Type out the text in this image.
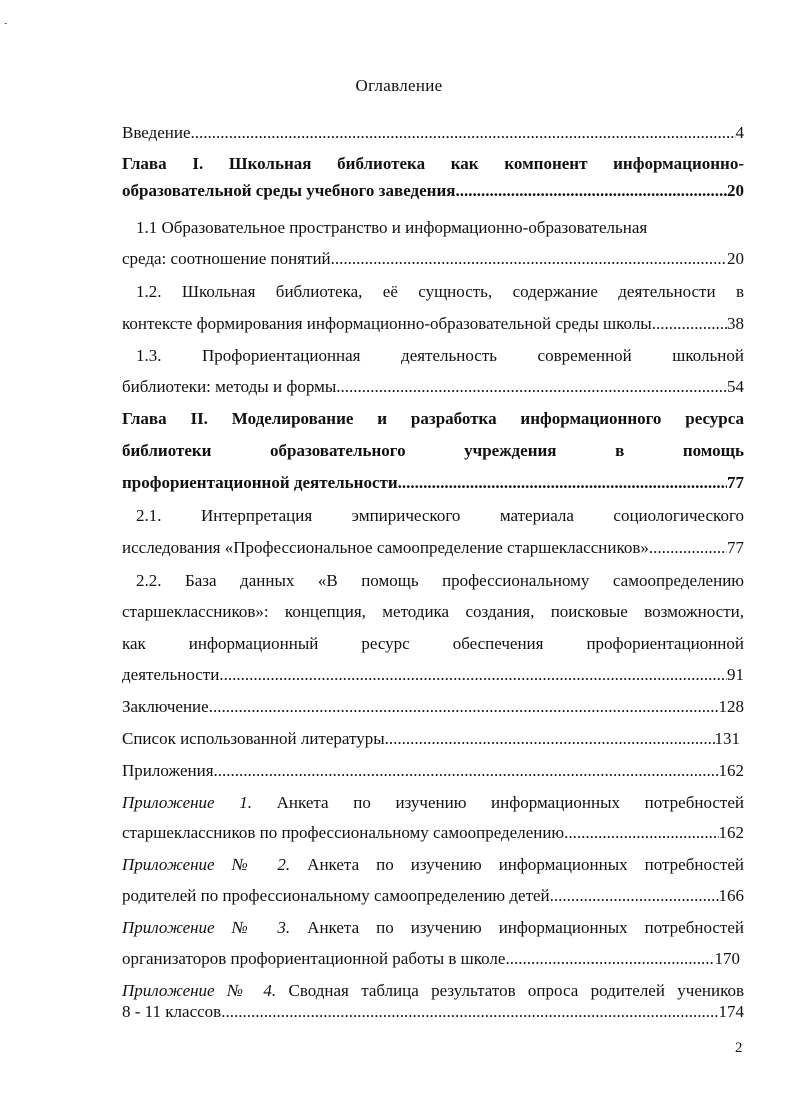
-
Оглавление
Введение .....	4
Глава I. Школьная библиотека как компонент информационно-
образовательной среды учебного заведения .....	20
1.1 Образовательное пространство и информационно-образовательная
среда: соотношение понятий .....	20
1.2. Школьная библиотека, её сущность, содержание деятельности в
контексте формирования информационно-образовательной среды школы .....	38
1.3. Профориентационная деятельность современной школьной
библиотеки: методы и формы .....	54
Глава II. Моделирование и разработка информационного ресурса
библиотеки образовательного учреждения в помощь
профориентационной деятельности .....	77
2.1. Интерпретация эмпирического материала социологического
исследования «Профессиональное самоопределение старшеклассников» .....	77
2.2. База данных «В помощь профессиональному самоопределению
старшеклассников»: концепция, методика создания, поисковые возможности,
как информационный ресурс обеспечения профориентационной
деятельности .....	91
Заключение .....	128
Список использованной литературы .....	131
Приложения .....	162
Приложение 1. Анкета по изучению информационных потребностей
старшеклассников по профессиональному самоопределению .....	162
Приложение № 2. Анкета по изучению информационных потребностей
родителей по профессиональному самоопределению детей .....	166
Приложение № 3. Анкета по изучению информационных потребностей
организаторов профориентационной работы в школе .....	170
Приложение № 4. Сводная таблица результатов опроса родителей учеников
8 - 11 классов .....	174
2
